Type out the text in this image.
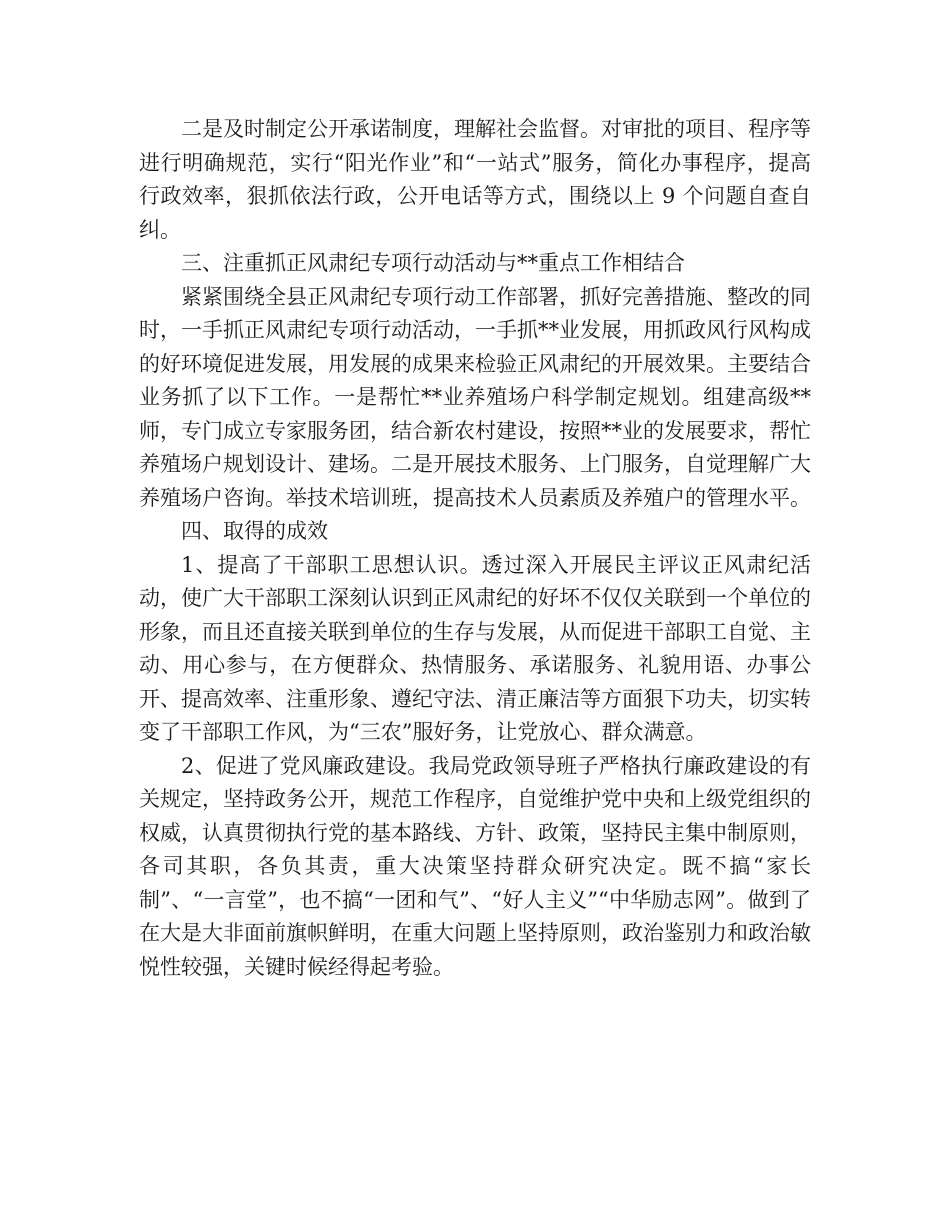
二是及时制定公开承诺制度，理解社会监督。对审批的项目、程序等进行明确规范，实行“阳光作业”和“一站式”服务，简化办事程序，提高行政效率，狠抓依法行政，公开电话等方式，围绕以上 9 个问题自查自纠。

三、注重抓正风肃纪专项行动活动与**重点工作相结合

紧紧围绕全县正风肃纪专项行动工作部署，抓好完善措施、整改的同时，一手抓正风肃纪专项行动活动，一手抓**业发展，用抓政风行风构成的好环境促进发展，用发展的成果来检验正风肃纪的开展效果。主要结合业务抓了以下工作。一是帮忙**业养殖场户科学制定规划。组建高级**师，专门成立专家服务团，结合新农村建设，按照**业的发展要求，帮忙养殖场户规划设计、建场。二是开展技术服务、上门服务，自觉理解广大养殖场户咨询。举技术培训班，提高技术人员素质及养殖户的管理水平。

四、取得的成效

1、提高了干部职工思想认识。透过深入开展民主评议正风肃纪活动，使广大干部职工深刻认识到正风肃纪的好坏不仅仅关联到一个单位的形象，而且还直接关联到单位的生存与发展，从而促进干部职工自觉、主动、用心参与，在方便群众、热情服务、承诺服务、礼貌用语、办事公开、提高效率、注重形象、遵纪守法、清正廉洁等方面狠下功夫，切实转变了干部职工作风，为“三农”服好务，让党放心、群众满意。

2、促进了党风廉政建设。我局党政领导班子严格执行廉政建设的有关规定，坚持政务公开，规范工作程序，自觉维护党中央和上级党组织的权威，认真贯彻执行党的基本路线、方针、政策，坚持民主集中制原则，各司其职，各负其责，重大决策坚持群众研究决定。既不搞“家长制”、“一言堂”，也不搞“一团和气”、“好人主义”“中华励志网”。做到了在大是大非面前旗帜鲜明，在重大问题上坚持原则，政治鉴别力和政治敏悦性较强，关键时候经得起考验。
